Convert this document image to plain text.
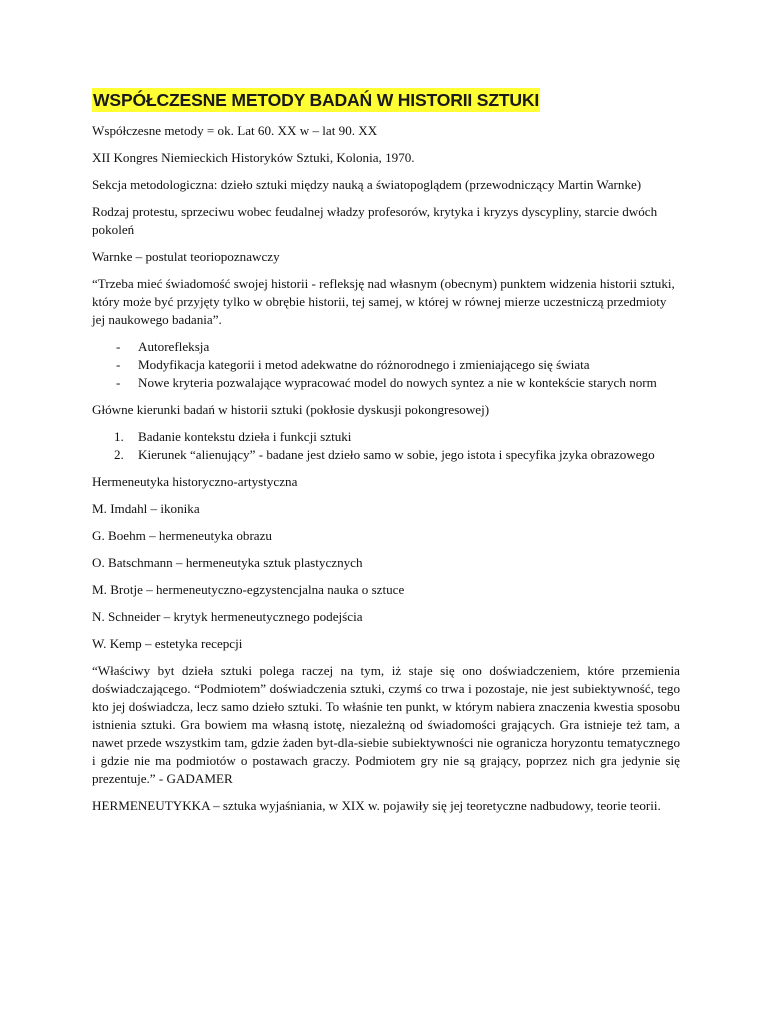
WSPÓŁCZESNE METODY BADAŃ W HISTORII SZTUKI

Współczesne metody = ok. Lat 60. XX w – lat 90. XX

XII Kongres Niemieckich Historyków Sztuki, Kolonia, 1970.

Sekcja metodologiczna: dzieło sztuki między nauką a światopoglądem (przewodniczący Martin Warnke)

Rodzaj protestu, sprzeciwu wobec feudalnej władzy profesorów, krytyka i kryzys dyscypliny, starcie dwóch pokoleń

Warnke – postulat teoriopoznawczy

“Trzeba mieć świadomość swojej historii - refleksję nad własnym (obecnym) punktem widzenia historii sztuki, który może być przyjęty tylko w obrębie historii, tej samej, w której w równej mierze uczestniczą przedmioty jej naukowego badania”.

- Autorefleksja
- Modyfikacja kategorii i metod adekwatne do różnorodnego i zmieniającego się świata
- Nowe kryteria pozwalające wypracować model do nowych syntez a nie w kontekście starych norm

Główne kierunki badań w historii sztuki (pokłosie dyskusji pokongresowej)

1. Badanie kontekstu dzieła i funkcji sztuki
2. Kierunek “alienujący” - badane jest dzieło samo w sobie, jego istota i specyfika jzyka obrazowego

Hermeneutyka historyczno-artystyczna

M. Imdahl – ikonika

G. Boehm – hermeneutyka obrazu

O. Batschmann – hermeneutyka sztuk plastycznych

M. Brotje – hermeneutyczno-egzystencjalna nauka o sztuce

N. Schneider – krytyk hermeneutycznego podejścia

W. Kemp – estetyka recepcji

“Właściwy byt dzieła sztuki polega raczej na tym, iż staje się ono doświadczeniem, które przemienia doświadczającego. “Podmiotem” doświadczenia sztuki, czymś co trwa i pozostaje, nie jest subiektywność, tego kto jej doświadcza, lecz samo dzieło sztuki. To właśnie ten punkt, w którym nabiera znaczenia kwestia sposobu istnienia sztuki. Gra bowiem ma własną istotę, niezależną od świadomości grających. Gra istnieje też tam, a nawet przede wszystkim tam, gdzie żaden byt-dla-siebie subiektywności nie ogranicza horyzontu tematycznego i gdzie nie ma podmiotów o postawach graczy. Podmiotem gry nie są grający, poprzez nich gra jedynie się prezentuje.” - GADAMER

HERMENEUTYKKA – sztuka wyjaśniania, w XIX w. pojawiły się jej teoretyczne nadbudowy, teorie teorii.
